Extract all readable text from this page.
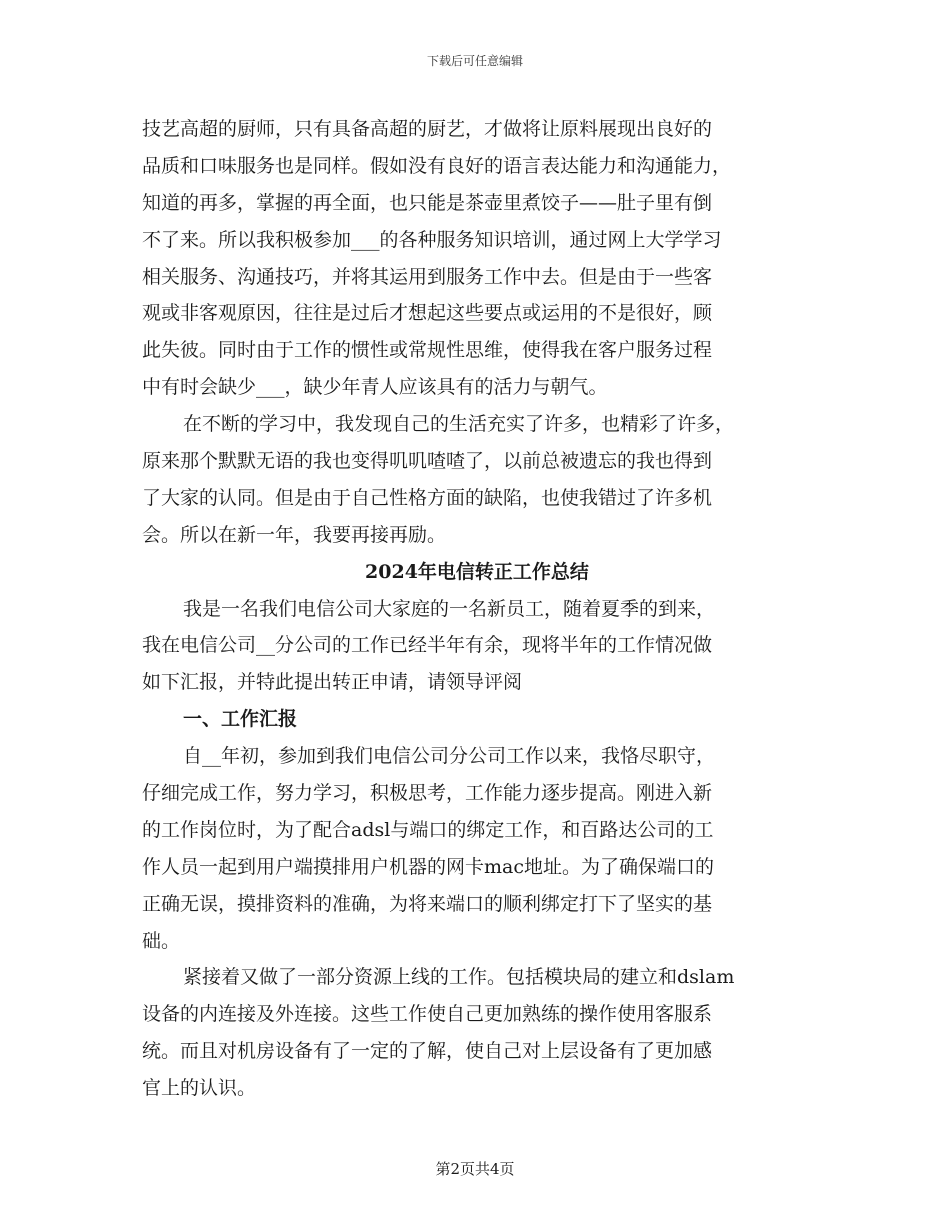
下载后可任意编辑
技艺高超的厨师，只有具备高超的厨艺，才做将让原料展现出良好的
品质和口味服务也是同样。假如没有良好的语言表达能力和沟通能力，
知道的再多，掌握的再全面，也只能是茶壶里煮饺子——肚子里有倒
不了来。所以我积极参加___的各种服务知识培训，通过网上大学学习
相关服务、沟通技巧，并将其运用到服务工作中去。但是由于一些客
观或非客观原因，往往是过后才想起这些要点或运用的不是很好，顾
此失彼。同时由于工作的惯性或常规性思维，使得我在客户服务过程
中有时会缺少___，缺少年青人应该具有的活力与朝气。
在不断的学习中，我发现自己的生活充实了许多，也精彩了许多，
原来那个默默无语的我也变得叽叽喳喳了，以前总被遗忘的我也得到
了大家的认同。但是由于自己性格方面的缺陷，也使我错过了许多机
会。所以在新一年，我要再接再励。
2024年电信转正工作总结
我是一名我们电信公司大家庭的一名新员工，随着夏季的到来，
我在电信公司__分公司的工作已经半年有余，现将半年的工作情况做
如下汇报，并特此提出转正申请，请领导评阅
一、工作汇报
自__年初，参加到我们电信公司分公司工作以来，我恪尽职守，
仔细完成工作，努力学习，积极思考，工作能力逐步提高。刚进入新
的工作岗位时，为了配合adsl与端口的绑定工作，和百路达公司的工
作人员一起到用户端摸排用户机器的网卡mac地址。为了确保端口的
正确无误，摸排资料的准确，为将来端口的顺利绑定打下了坚实的基
础。
紧接着又做了一部分资源上线的工作。包括模块局的建立和dslam
设备的内连接及外连接。这些工作使自己更加熟练的操作使用客服系
统。而且对机房设备有了一定的了解，使自己对上层设备有了更加感
官上的认识。
第2页共4页
